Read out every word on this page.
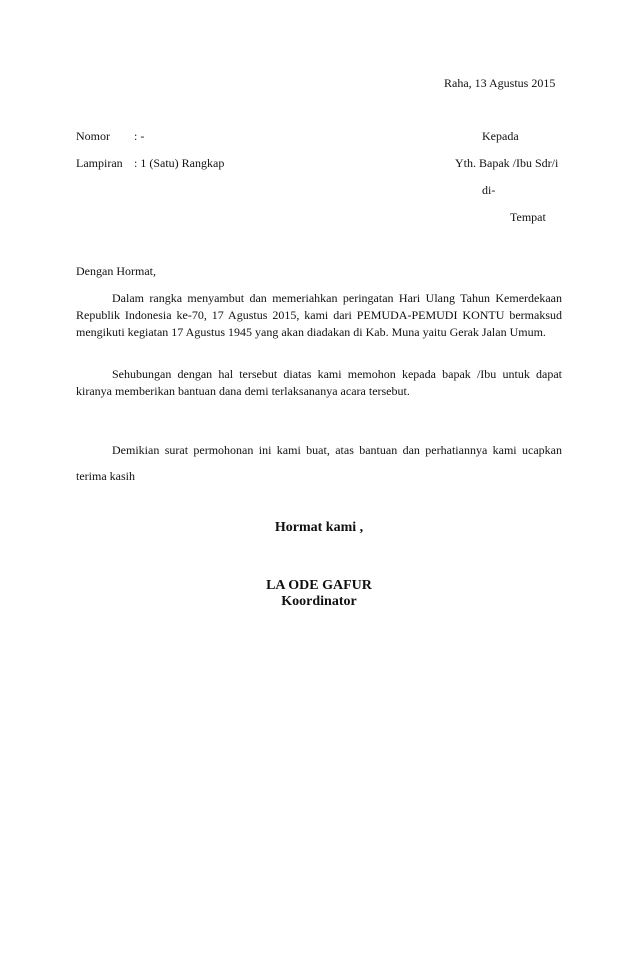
Raha, 13 Agustus 2015
Nomor : -	Kepada
Lampiran : 1 (Satu) Rangkap	Yth. Bapak /Ibu Sdr/i
di-
Tempat
Dengan Hormat,
Dalam rangka menyambut dan memeriahkan peringatan Hari Ulang Tahun Kemerdekaan Republik Indonesia ke-70, 17 Agustus 2015, kami dari PEMUDA-PEMUDI KONTU bermaksud mengikuti kegiatan 17 Agustus 1945 yang akan diadakan di Kab. Muna yaitu Gerak Jalan Umum.
Sehubungan dengan hal tersebut diatas kami memohon kepada bapak /Ibu untuk dapat kiranya memberikan bantuan dana demi terlaksananya acara tersebut.
Demikian surat permohonan ini kami buat, atas bantuan dan perhatiannya kami ucapkan terima kasih
Hormat kami ,
LA ODE GAFUR
Koordinator
